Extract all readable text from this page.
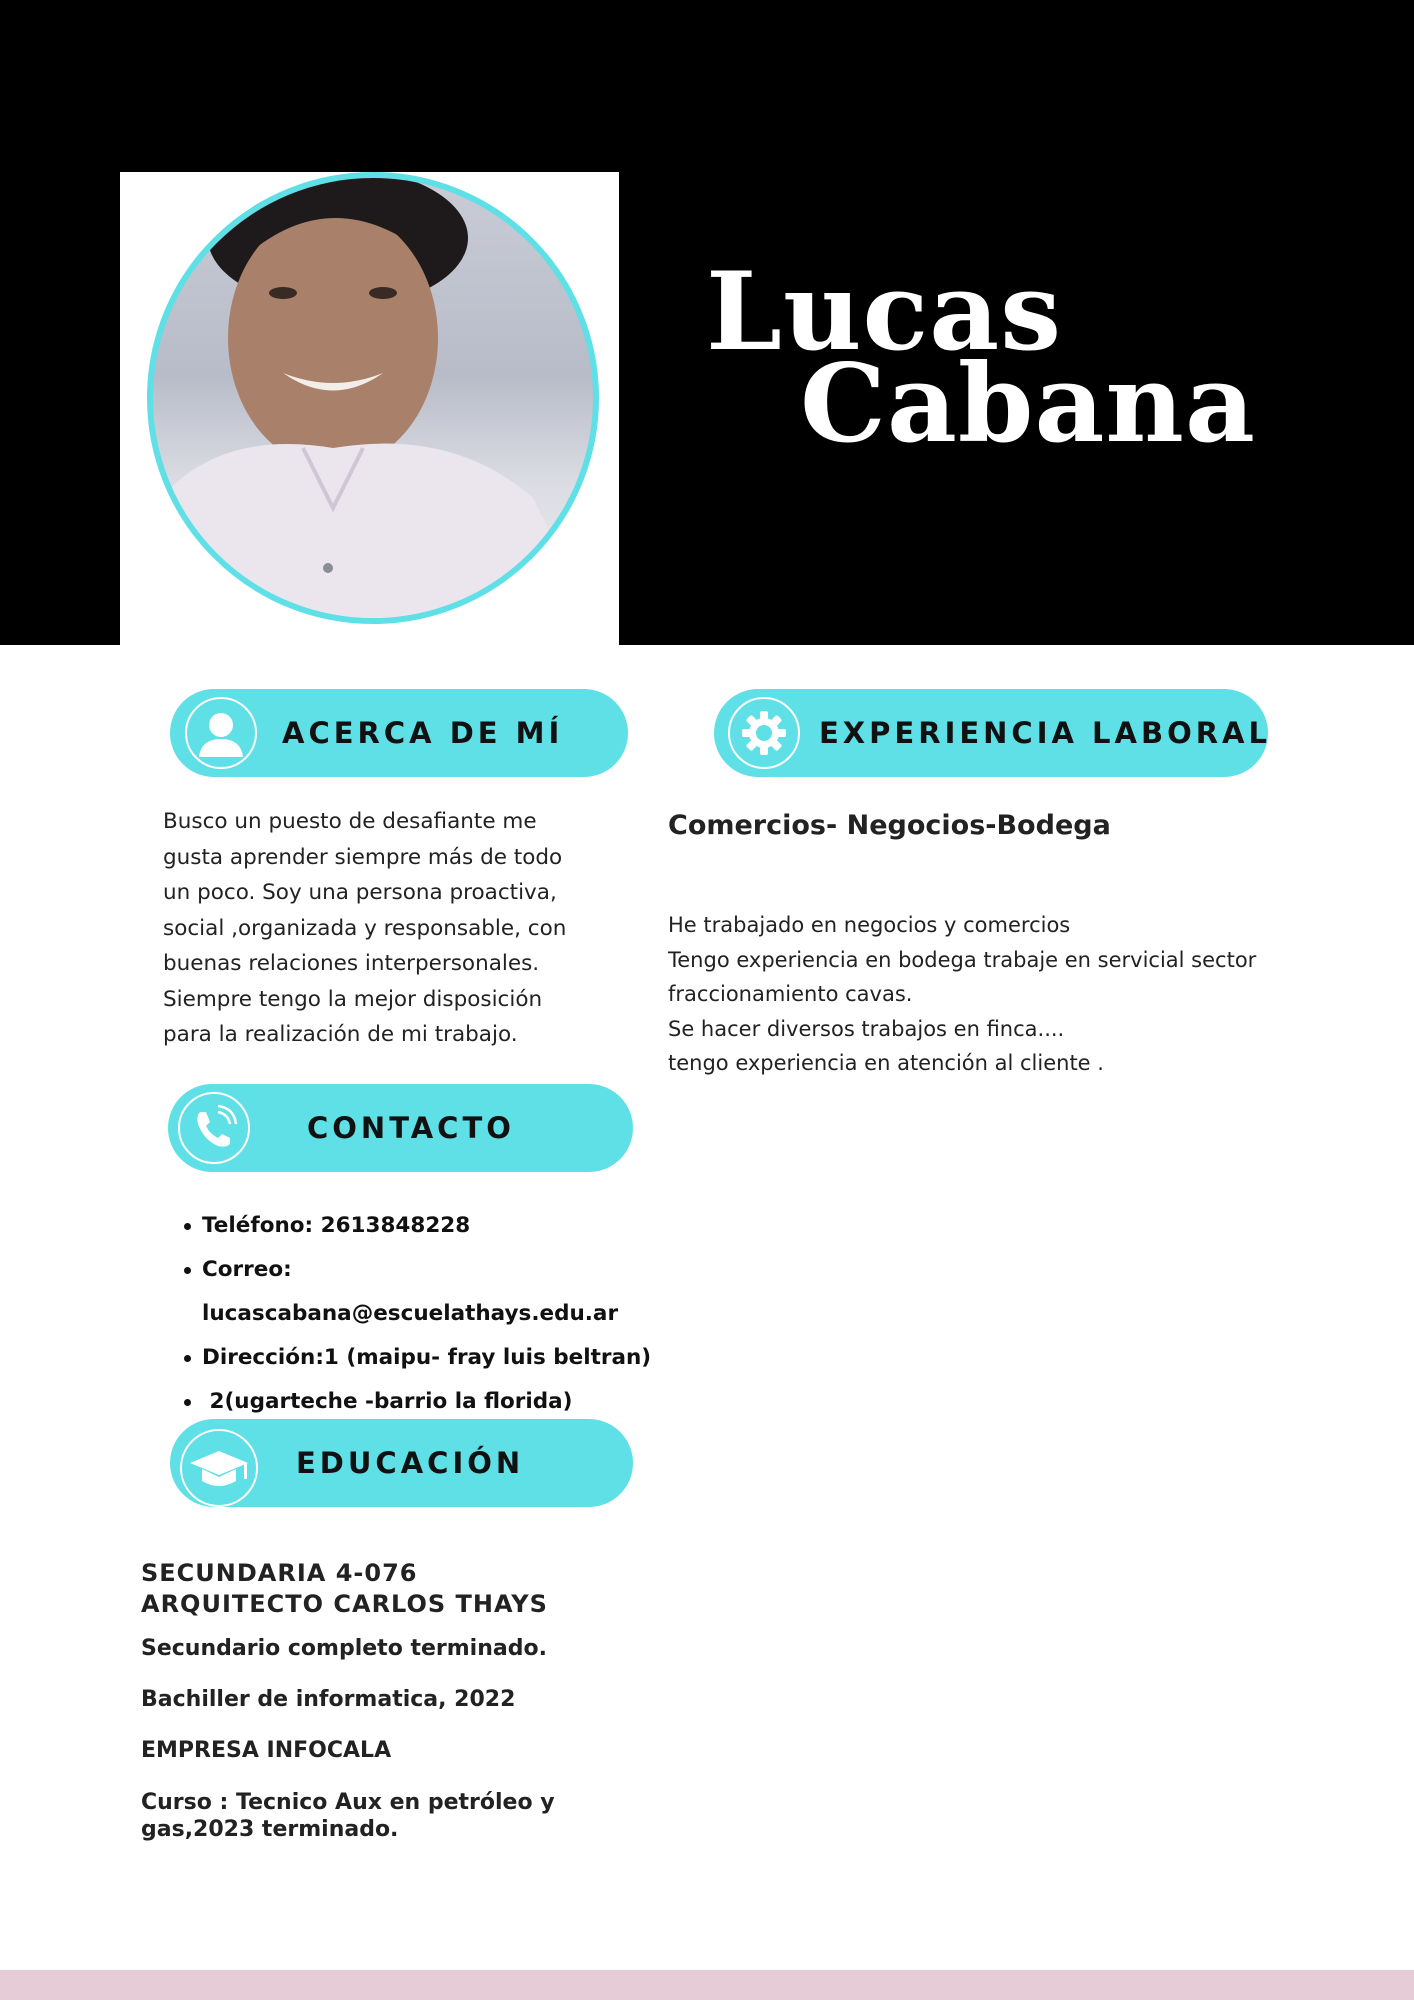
Lucas
Cabana
ACERCA DE MÍ
Busco un puesto de desafiante me
gusta aprender siempre más de todo
un poco. Soy una persona proactiva,
social ,organizada y responsable, con
buenas relaciones interpersonales.
Siempre tengo la mejor disposición
para la realización de mi trabajo.
EXPERIENCIA LABORAL
Comercios- Negocios-Bodega
He trabajado en negocios y comercios
Tengo experiencia en bodega trabaje en servicial sector
fraccionamiento cavas.
Se hacer diversos trabajos en finca....
tengo experiencia en atención al cliente .
CONTACTO
Teléfono: 2613848228
Correo:
lucascabana@escuelathays.edu.ar
Dirección:1 (maipu- fray luis beltran)
2(ugarteche -barrio la florida)
EDUCACIÓN
SECUNDARIA 4-076
ARQUITECTO CARLOS THAYS
Secundario completo terminado.
Bachiller de informatica, 2022
EMPRESA INFOCALA
Curso : Tecnico Aux en petróleo y
gas,2023 terminado.
